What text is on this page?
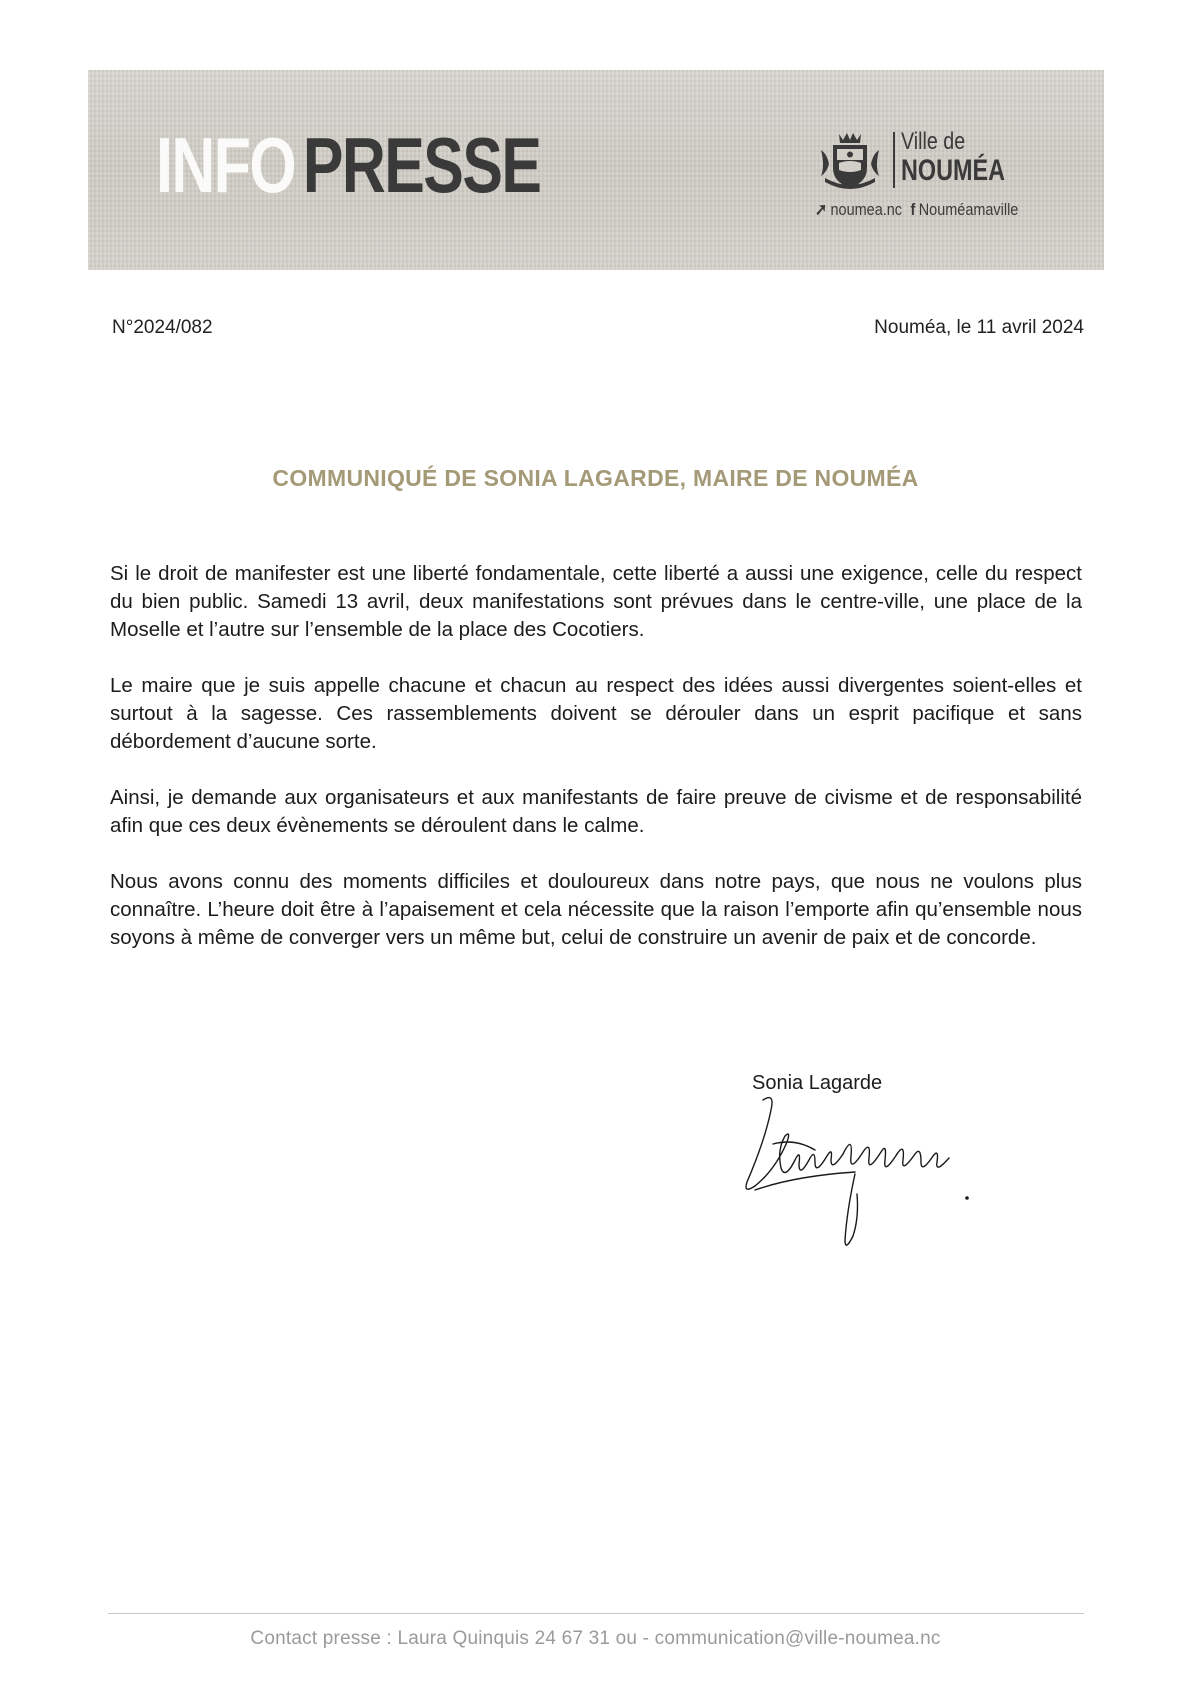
INFO PRESSE	Ville de
NOUMÉA
➚ noumea.nc f Nouméamaville
N°2024/082	Nouméa, le 11 avril 2024
COMMUNIQUÉ DE SONIA LAGARDE, MAIRE DE NOUMÉA

Si le droit de manifester est une liberté fondamentale, cette liberté a aussi une exigence, celle du respect du bien public. Samedi 13 avril, deux manifestations sont prévues dans le centre-ville, une place de la Moselle et l’autre sur l’ensemble de la place des Cocotiers.

Le maire que je suis appelle chacune et chacun au respect des idées aussi divergentes soient-elles et surtout à la sagesse. Ces rassemblements doivent se dérouler dans un esprit pacifique et sans débordement d’aucune sorte.

Ainsi, je demande aux organisateurs et aux manifestants de faire preuve de civisme et de responsabilité afin que ces deux évènements se déroulent dans le calme.

Nous avons connu des moments difficiles et douloureux dans notre pays, que nous ne voulons plus connaître. L’heure doit être à l’apaisement et cela nécessite que la raison l’emporte afin qu’ensemble nous soyons à même de converger vers un même but, celui de construire un avenir de paix et de concorde.

Sonia Lagarde
Contact presse : Laura Quinquis 24 67 31 ou - communication@ville-noumea.nc
